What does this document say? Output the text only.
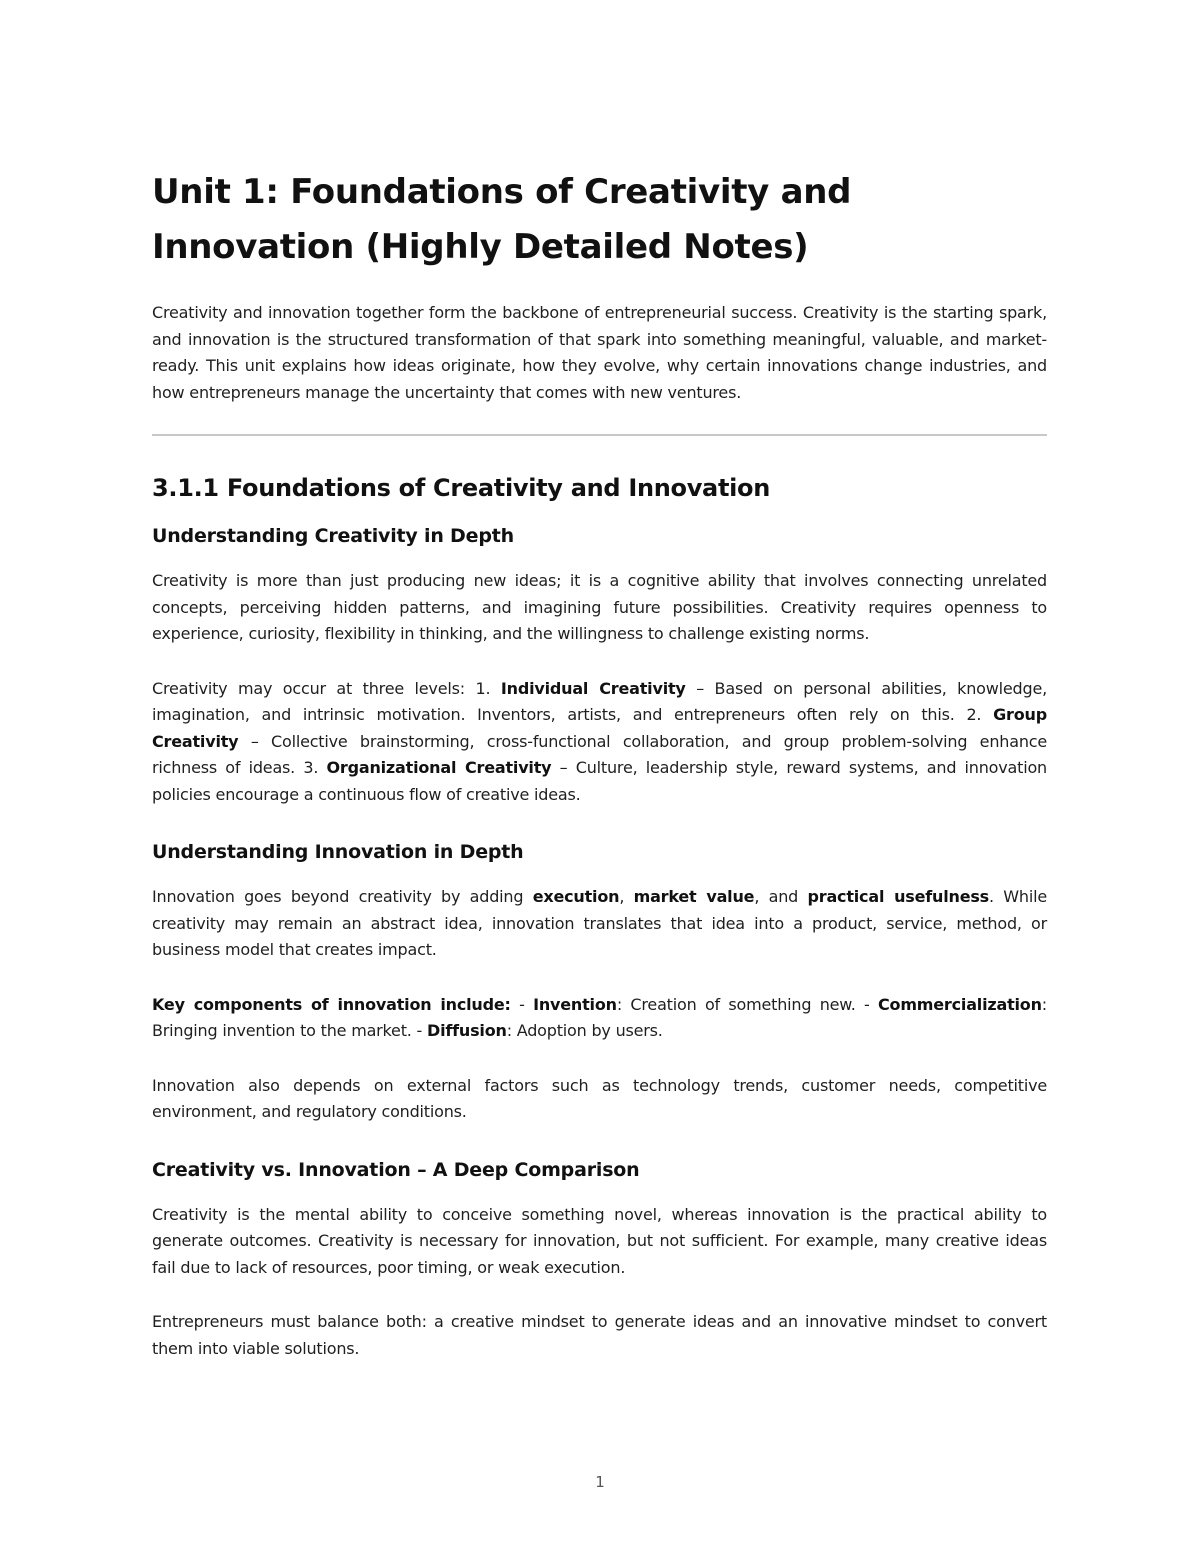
Unit 1: Foundations of Creativity and Innovation (Highly Detailed Notes)

Creativity and innovation together form the backbone of entrepreneurial success. Creativity is the starting spark, and innovation is the structured transformation of that spark into something meaningful, valuable, and market-ready. This unit explains how ideas originate, how they evolve, why certain innovations change industries, and how entrepreneurs manage the uncertainty that comes with new ventures.

3.1.1 Foundations of Creativity and Innovation
Understanding Creativity in Depth

Creativity is more than just producing new ideas; it is a cognitive ability that involves connecting unrelated concepts, perceiving hidden patterns, and imagining future possibilities. Creativity requires openness to experience, curiosity, flexibility in thinking, and the willingness to challenge existing norms.

Creativity may occur at three levels: 1. Individual Creativity – Based on personal abilities, knowledge, imagination, and intrinsic motivation. Inventors, artists, and entrepreneurs often rely on this. 2. Group Creativity – Collective brainstorming, cross-functional collaboration, and group problem-solving enhance richness of ideas. 3. Organizational Creativity – Culture, leadership style, reward systems, and innovation policies encourage a continuous flow of creative ideas.

Understanding Innovation in Depth

Innovation goes beyond creativity by adding execution, market value, and practical usefulness. While creativity may remain an abstract idea, innovation translates that idea into a product, service, method, or business model that creates impact.

Key components of innovation include: - Invention: Creation of something new. - Commercialization: Bringing invention to the market. - Diffusion: Adoption by users.

Innovation also depends on external factors such as technology trends, customer needs, competitive environment, and regulatory conditions.

Creativity vs. Innovation – A Deep Comparison

Creativity is the mental ability to conceive something novel, whereas innovation is the practical ability to generate outcomes. Creativity is necessary for innovation, but not sufficient. For example, many creative ideas fail due to lack of resources, poor timing, or weak execution.

Entrepreneurs must balance both: a creative mindset to generate ideas and an innovative mindset to convert them into viable solutions.

1
